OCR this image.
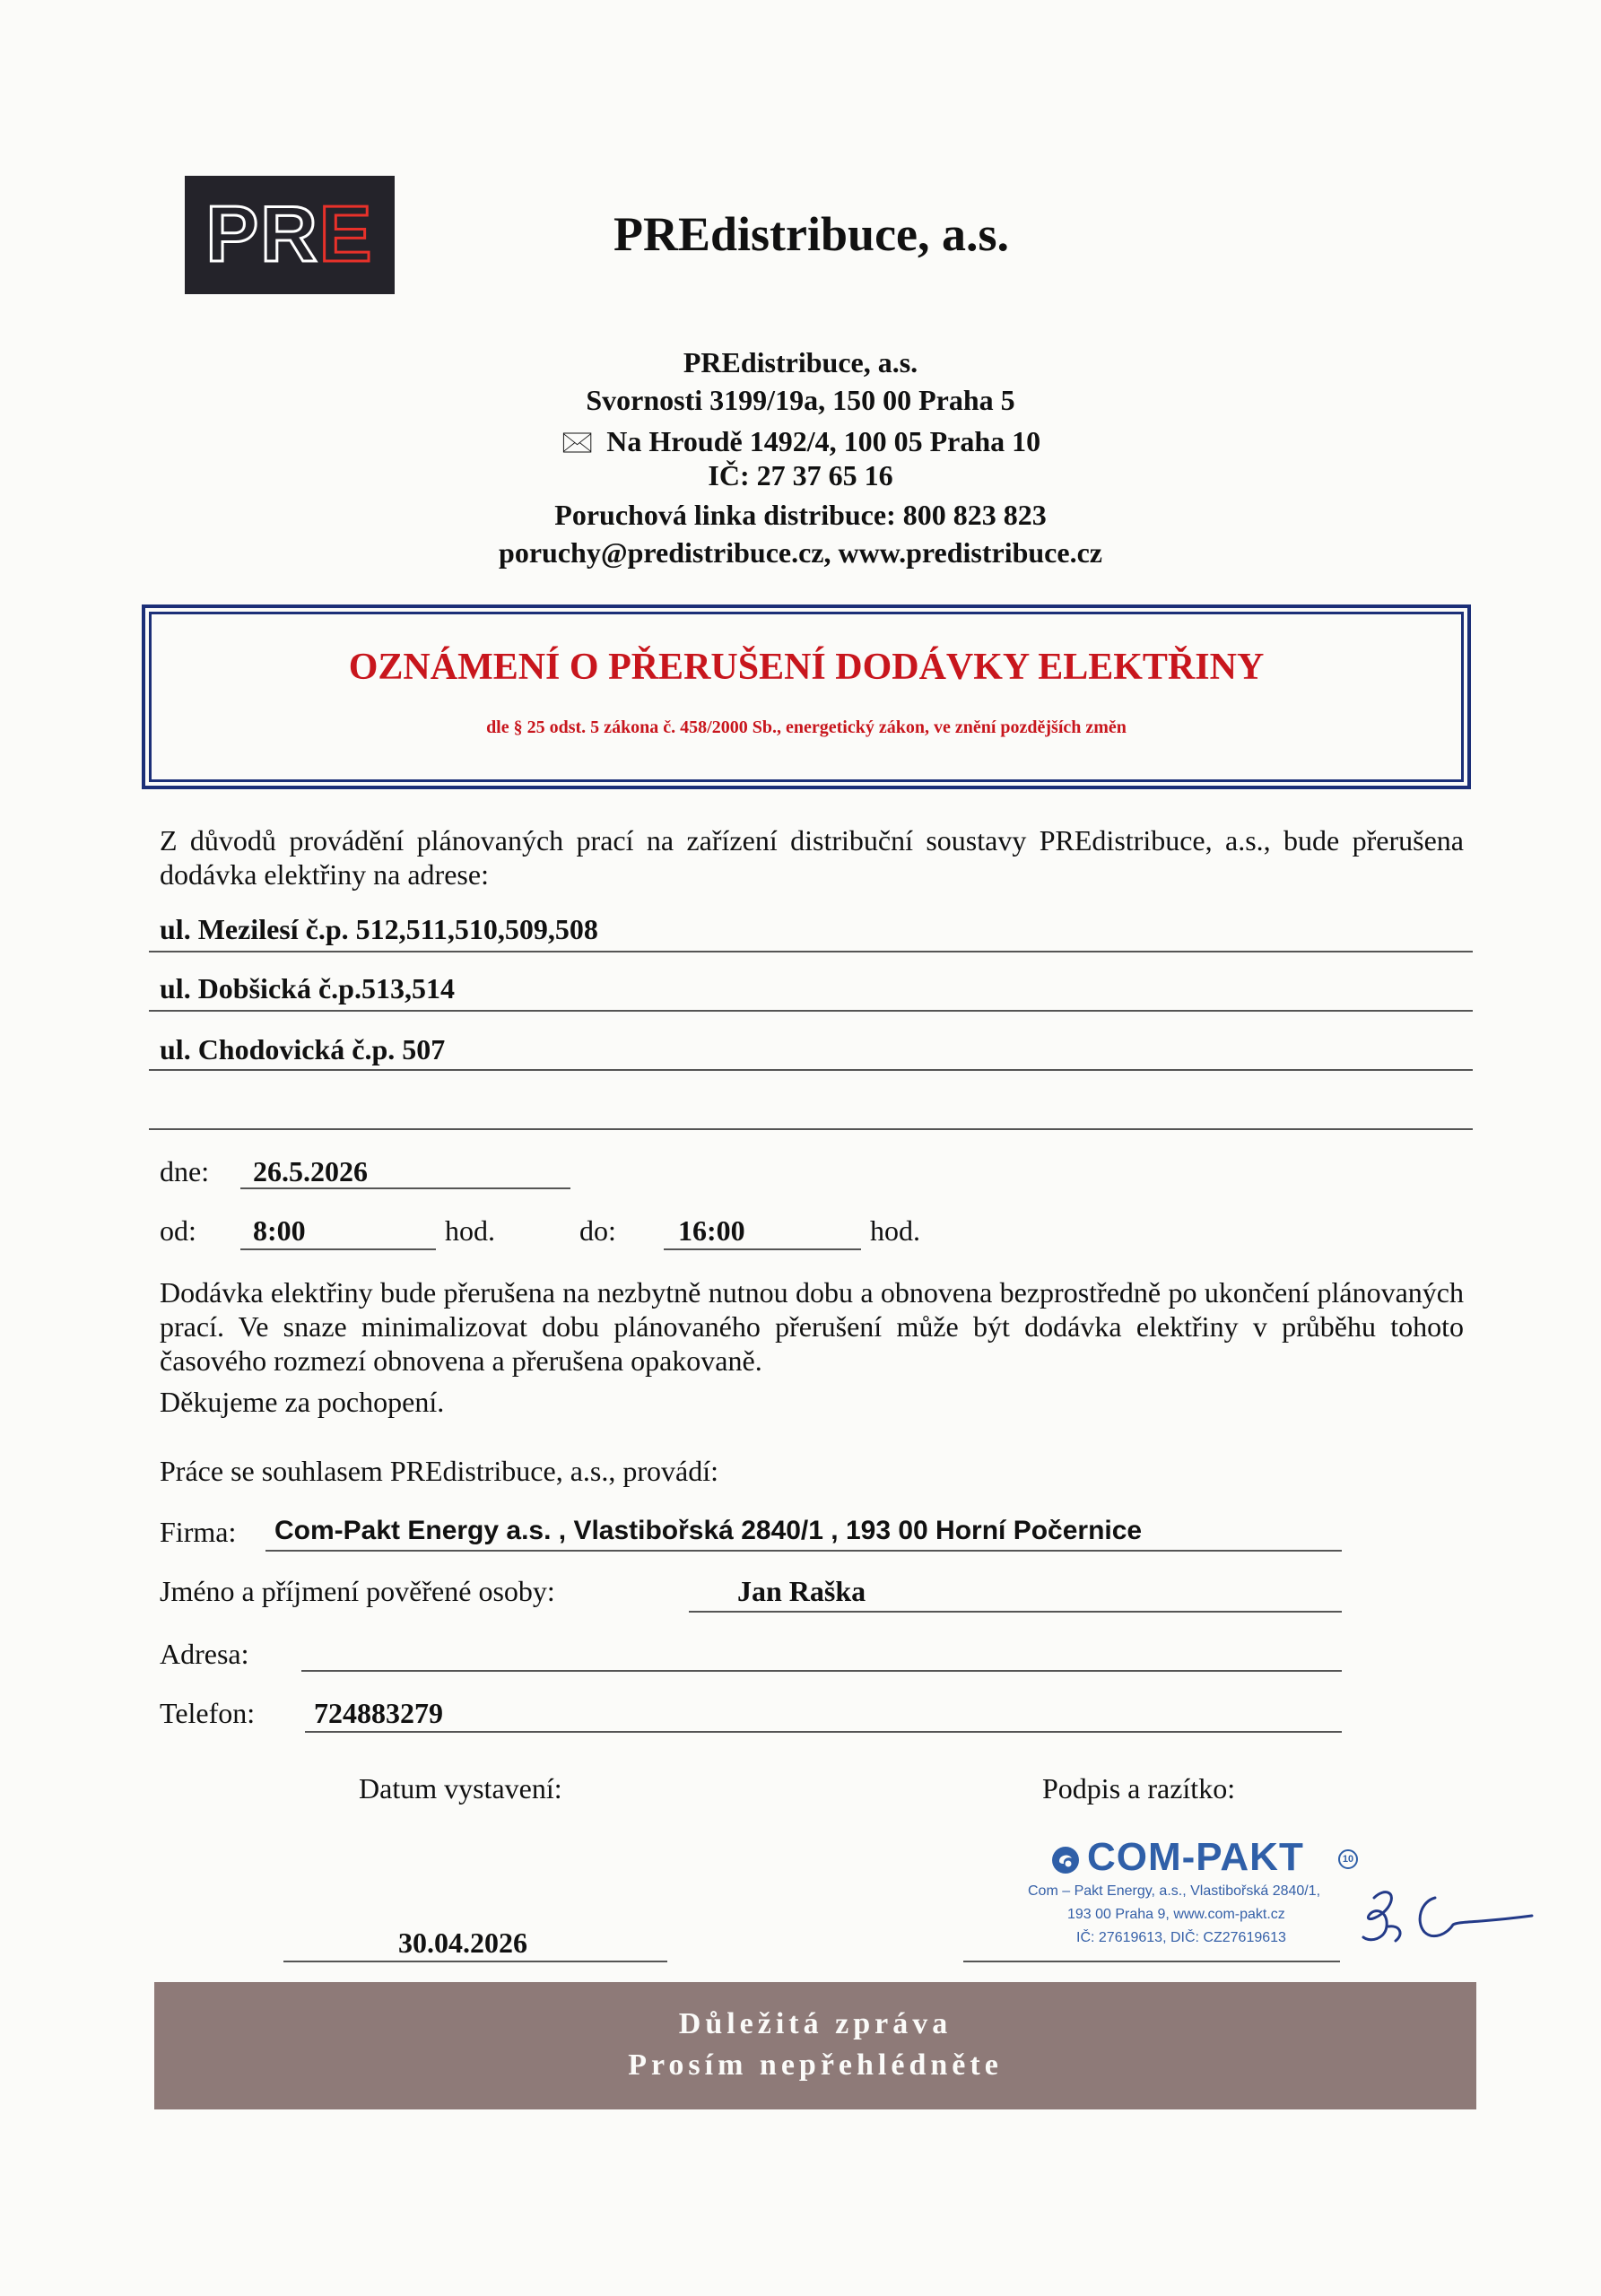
PRE	PREdistribuce, a.s.
PREdistribuce, a.s.
Svornosti 3199/19a, 150 00 Praha 5
🖂 Na Hroudě 1492/4, 100 05 Praha 10
IČ: 27 37 65 16
Poruchová linka distribuce: 800 823 823
poruchy@predistribuce.cz, www.predistribuce.cz
OZNÁMENÍ O PŘERUŠENÍ DODÁVKY ELEKTŘINY
dle § 25 odst. 5 zákona č. 458/2000 Sb., energetický zákon, ve znění pozdějších změn
Z důvodů provádění plánovaných prací na zařízení distribuční soustavy PREdistribuce, a.s., bude přerušena dodávka elektřiny na adrese:
ul. Mezilesí č.p. 512,511,510,509,508
ul. Dobšická č.p.513,514
ul. Chodovická č.p. 507
dne: 26.5.2026
od: 8:00	hod.	do: 16:00	hod.
Dodávka elektřiny bude přerušena na nezbytně nutnou dobu a obnovena bezprostředně po ukončení plánovaných prací. Ve snaze minimalizovat dobu plánovaného přerušení může být dodávka elektřiny v průběhu tohoto časového rozmezí obnovena a přerušena opakovaně.
Děkujeme za pochopení.
Práce se souhlasem PREdistribuce, a.s., provádí:
Firma: Com-Pakt Energy a.s. , Vlastibořská 2840/1 , 193 00 Horní Počernice
Jméno a příjmení pověřené osoby:	Jan Raška
Adresa:
Telefon: 724883279
Datum vystavení:	Podpis a razítko:
30.04.2026
COM-PAKT	10
Com – Pakt Energy, a.s., Vlastibořská 2840/1,
193 00 Praha 9, www.com-pakt.cz
IČ: 27619613, DIČ: CZ27619613
Důležitá zpráva
Prosím nepřehlédněte
